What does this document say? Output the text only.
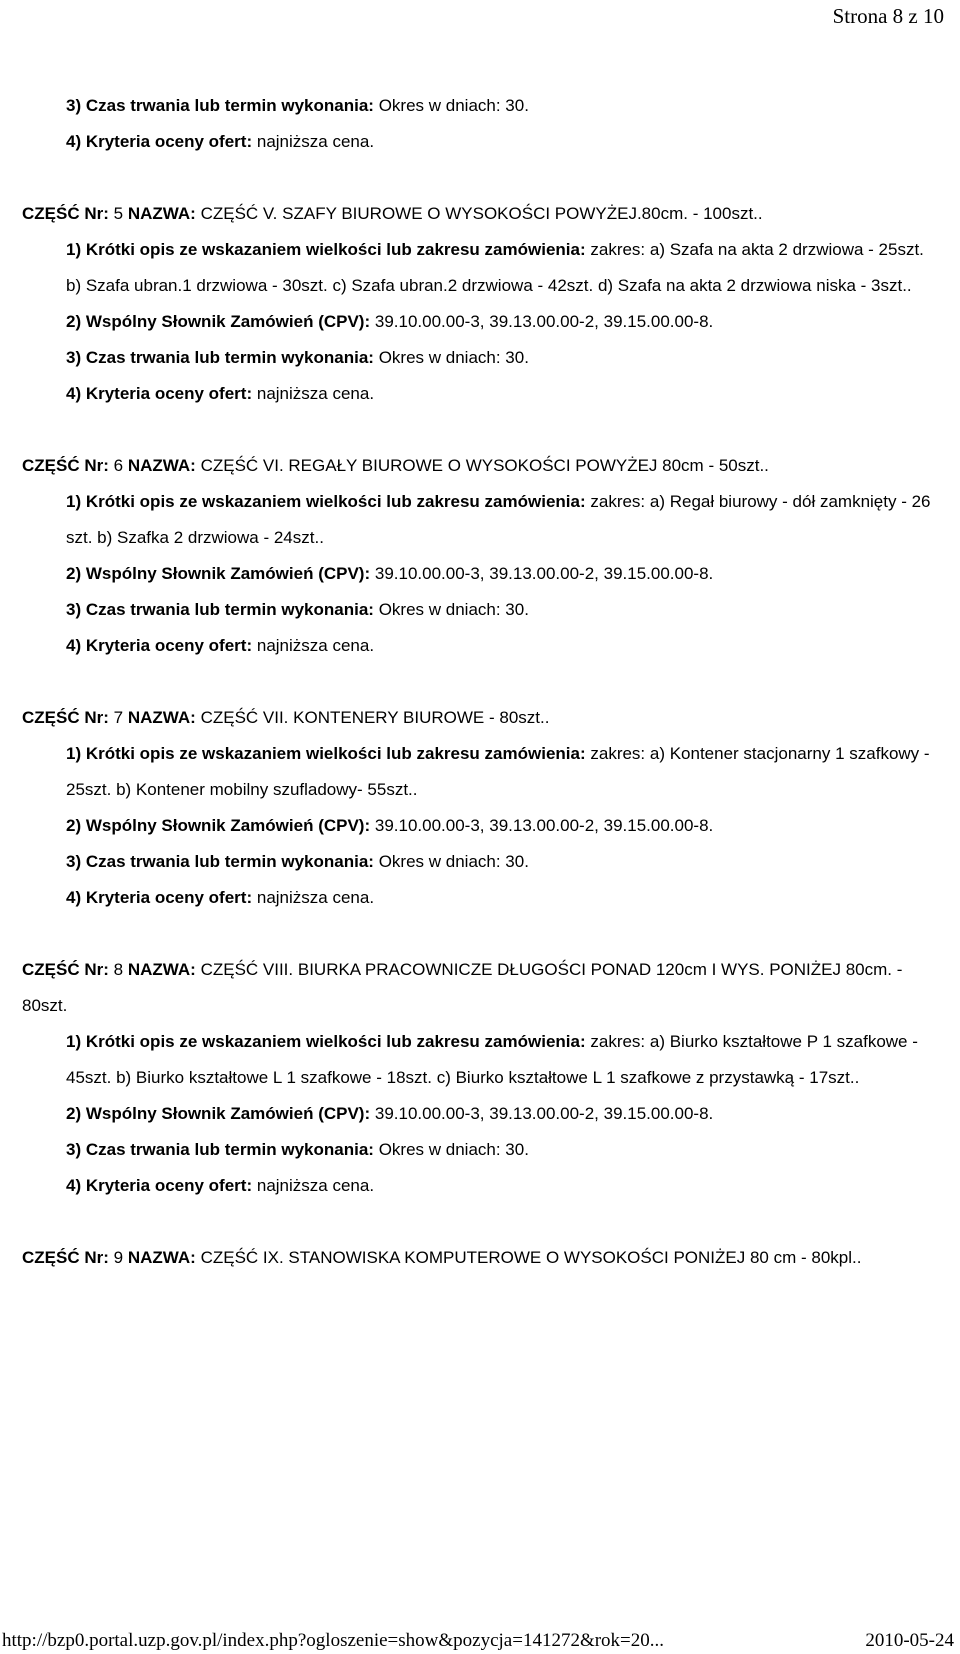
Strona 8 z 10
3) Czas trwania lub termin wykonania: Okres w dniach: 30.
4) Kryteria oceny ofert: najniższa cena.
CZĘŚĆ Nr: 5 NAZWA: CZĘŚĆ V. SZAFY BIUROWE O WYSOKOŚCI POWYŻEJ.80cm. - 100szt..
1) Krótki opis ze wskazaniem wielkości lub zakresu zamówienia: zakres: a) Szafa na akta 2 drzwiowa - 25szt. b) Szafa ubran.1 drzwiowa - 30szt. c) Szafa ubran.2 drzwiowa - 42szt. d) Szafa na akta 2 drzwiowa niska - 3szt..
2) Wspólny Słownik Zamówień (CPV): 39.10.00.00-3, 39.13.00.00-2, 39.15.00.00-8.
3) Czas trwania lub termin wykonania: Okres w dniach: 30.
4) Kryteria oceny ofert: najniższa cena.
CZĘŚĆ Nr: 6 NAZWA: CZĘŚĆ VI. REGAŁY BIUROWE O WYSOKOŚCI POWYŻEJ 80cm - 50szt..
1) Krótki opis ze wskazaniem wielkości lub zakresu zamówienia: zakres: a) Regał biurowy - dół zamknięty - 26 szt. b) Szafka 2 drzwiowa - 24szt..
2) Wspólny Słownik Zamówień (CPV): 39.10.00.00-3, 39.13.00.00-2, 39.15.00.00-8.
3) Czas trwania lub termin wykonania: Okres w dniach: 30.
4) Kryteria oceny ofert: najniższa cena.
CZĘŚĆ Nr: 7 NAZWA: CZĘŚĆ VII. KONTENERY BIUROWE - 80szt..
1) Krótki opis ze wskazaniem wielkości lub zakresu zamówienia: zakres: a) Kontener stacjonarny 1 szafkowy - 25szt. b) Kontener mobilny szufladowy- 55szt..
2) Wspólny Słownik Zamówień (CPV): 39.10.00.00-3, 39.13.00.00-2, 39.15.00.00-8.
3) Czas trwania lub termin wykonania: Okres w dniach: 30.
4) Kryteria oceny ofert: najniższa cena.
CZĘŚĆ Nr: 8 NAZWA: CZĘŚĆ VIII. BIURKA PRACOWNICZE DŁUGOŚCI PONAD 120cm I WYS. PONIŻEJ 80cm. - 80szt.
1) Krótki opis ze wskazaniem wielkości lub zakresu zamówienia: zakres: a) Biurko kształtowe P 1 szafkowe - 45szt. b) Biurko kształtowe L 1 szafkowe - 18szt. c) Biurko kształtowe L 1 szafkowe z przystawką - 17szt..
2) Wspólny Słownik Zamówień (CPV): 39.10.00.00-3, 39.13.00.00-2, 39.15.00.00-8.
3) Czas trwania lub termin wykonania: Okres w dniach: 30.
4) Kryteria oceny ofert: najniższa cena.
CZĘŚĆ Nr: 9 NAZWA: CZĘŚĆ IX. STANOWISKA KOMPUTEROWE O WYSOKOŚCI PONIŻEJ 80 cm - 80kpl..
http://bzp0.portal.uzp.gov.pl/index.php?ogloszenie=show&pozycja=141272&rok=20...	2010-05-24
